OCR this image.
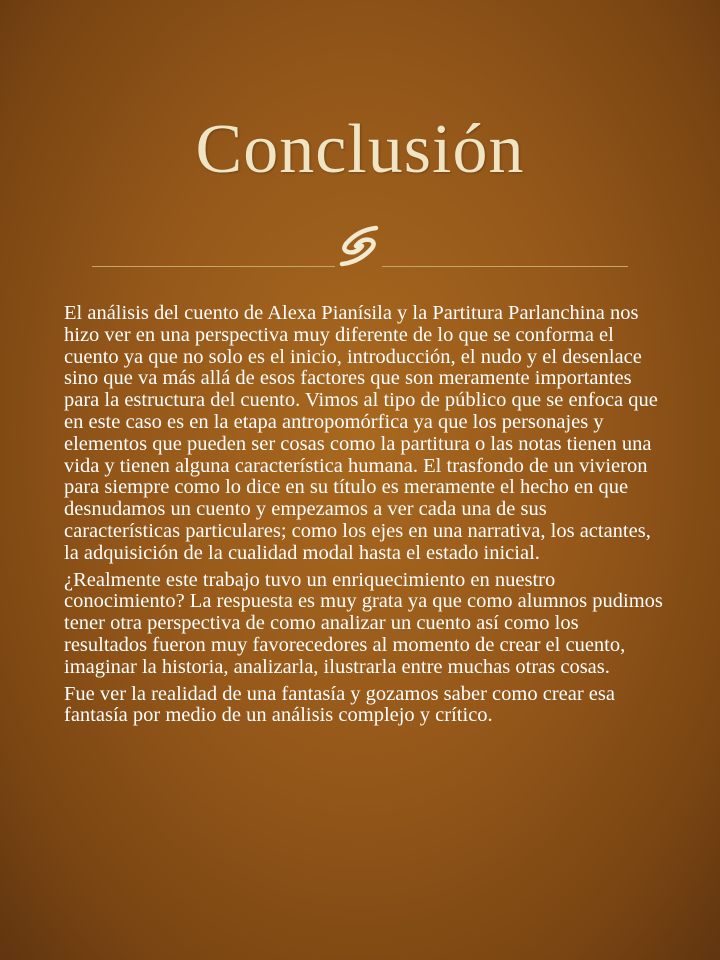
Conclusión

El análisis del cuento de Alexa Pianísila y la Partitura Parlanchina nos hizo ver en una perspectiva muy diferente de lo que se conforma el cuento ya que no solo es el inicio, introducción, el nudo y el desenlace sino que va más allá de esos factores que son meramente importantes para la estructura del cuento. Vimos al tipo de público que se enfoca que en este caso es en la etapa antropomórfica ya que los personajes y elementos que pueden ser cosas como la partitura o las notas tienen una vida y tienen alguna característica humana. El trasfondo de un vivieron para siempre como lo dice en su título es meramente el hecho en que desnudamos un cuento y empezamos a ver cada una de sus características particulares; como los ejes en una narrativa, los actantes, la adquisición de la cualidad modal hasta el estado inicial.

¿Realmente este trabajo tuvo un enriquecimiento en nuestro conocimiento? La respuesta es muy grata ya que como alumnos pudimos tener otra perspectiva de como analizar un cuento así como los resultados fueron muy favorecedores al momento de crear el cuento, imaginar la historia, analizarla, ilustrarla entre muchas otras cosas.

Fue ver la realidad de una fantasía y gozamos saber como crear esa fantasía por medio de un análisis complejo y crítico.
